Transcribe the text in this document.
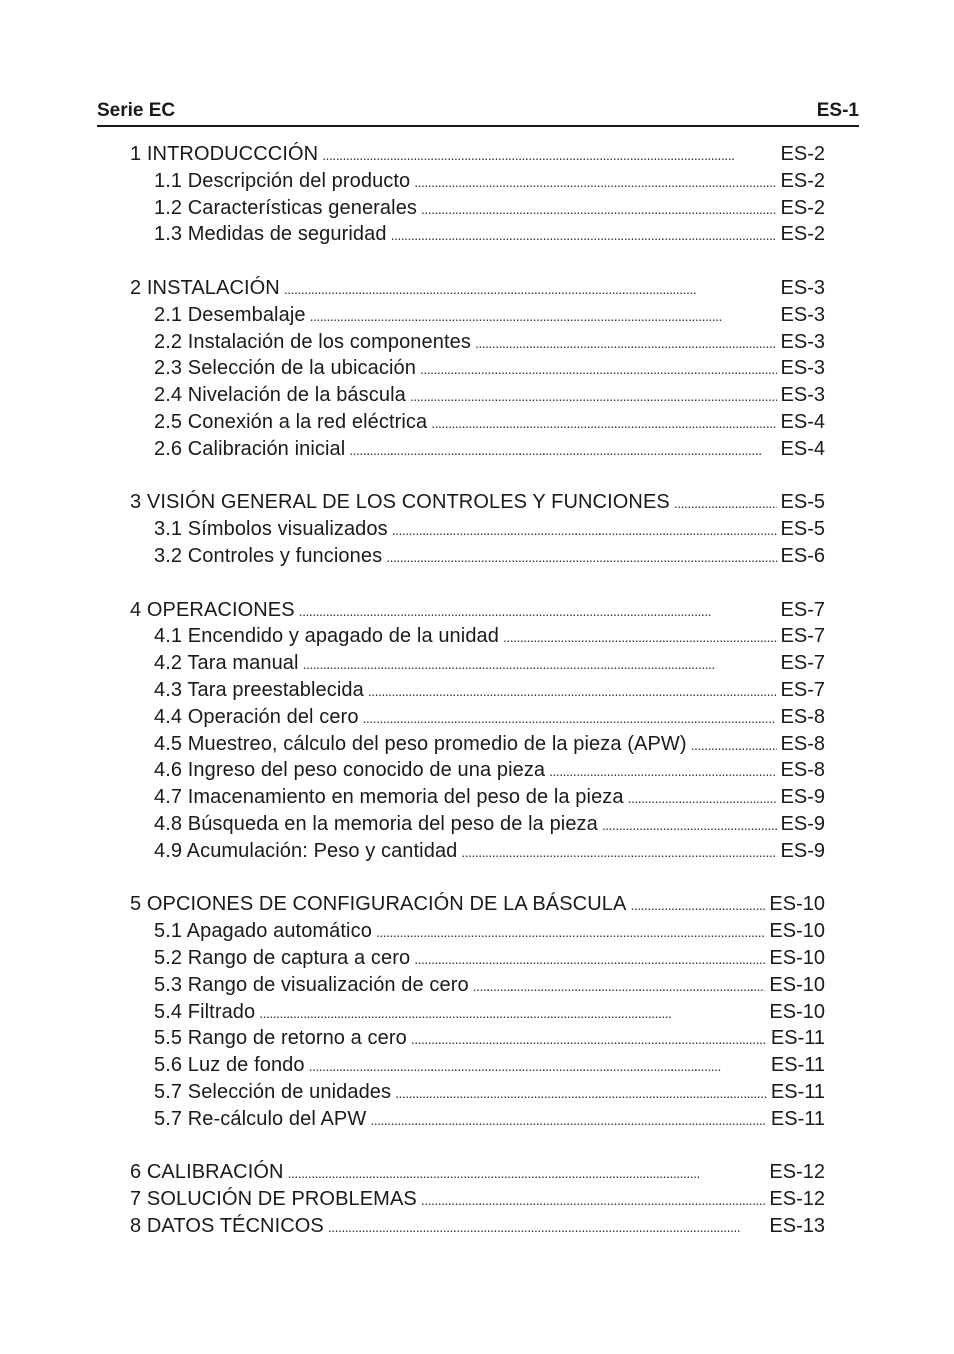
Serie EC	ES-1
1 INTRODUCCCIÓN . . .	ES-2
1.1 Descripción del producto . . .	ES-2
1.2 Características generales . . .	ES-2
1.3 Medidas de seguridad . . .	ES-2
2 INSTALACIÓN . . .	ES-3
2.1 Desembalaje . . .	ES-3
2.2 Instalación de los componentes . . .	ES-3
2.3 Selección de la ubicación . . .	ES-3
2.4 Nivelación de la báscula . . .	ES-3
2.5 Conexión a la red eléctrica . . .	ES-4
2.6 Calibración inicial . . .	ES-4
3 VISIÓN GENERAL DE LOS CONTROLES Y FUNCIONES . . .	ES-5
3.1 Símbolos visualizados . . .	ES-5
3.2 Controles y funciones . . .	ES-6
4 OPERACIONES . . .	ES-7
4.1 Encendido y apagado de la unidad . . .	ES-7
4.2 Tara manual . . .	ES-7
4.3 Tara preestablecida . . .	ES-7
4.4 Operación del cero . . .	ES-8
4.5 Muestreo, cálculo del peso promedio de la pieza (APW) . . .	ES-8
4.6 Ingreso del peso conocido de una pieza . . .	ES-8
4.7 Imacenamiento en memoria del peso de la pieza . . .	ES-9
4.8 Búsqueda en la memoria del peso de la pieza . . .	ES-9
4.9 Acumulación: Peso y cantidad . . .	ES-9
5 OPCIONES DE CONFIGURACIÓN DE LA BÁSCULA . . .	ES-10
5.1 Apagado automático . . .	ES-10
5.2 Rango de captura a cero . . .	ES-10
5.3 Rango de visualización de cero . . .	ES-10
5.4 Filtrado . . .	ES-10
5.5 Rango de retorno a cero . . .	ES-11
5.6 Luz de fondo . . .	ES-11
5.7 Selección de unidades . . .	ES-11
5.7 Re-cálculo del APW . . .	ES-11
6 CALIBRACIÓN . . .	ES-12
7 SOLUCIÓN DE PROBLEMAS . . .	ES-12
8 DATOS TÉCNICOS . . .	ES-13
